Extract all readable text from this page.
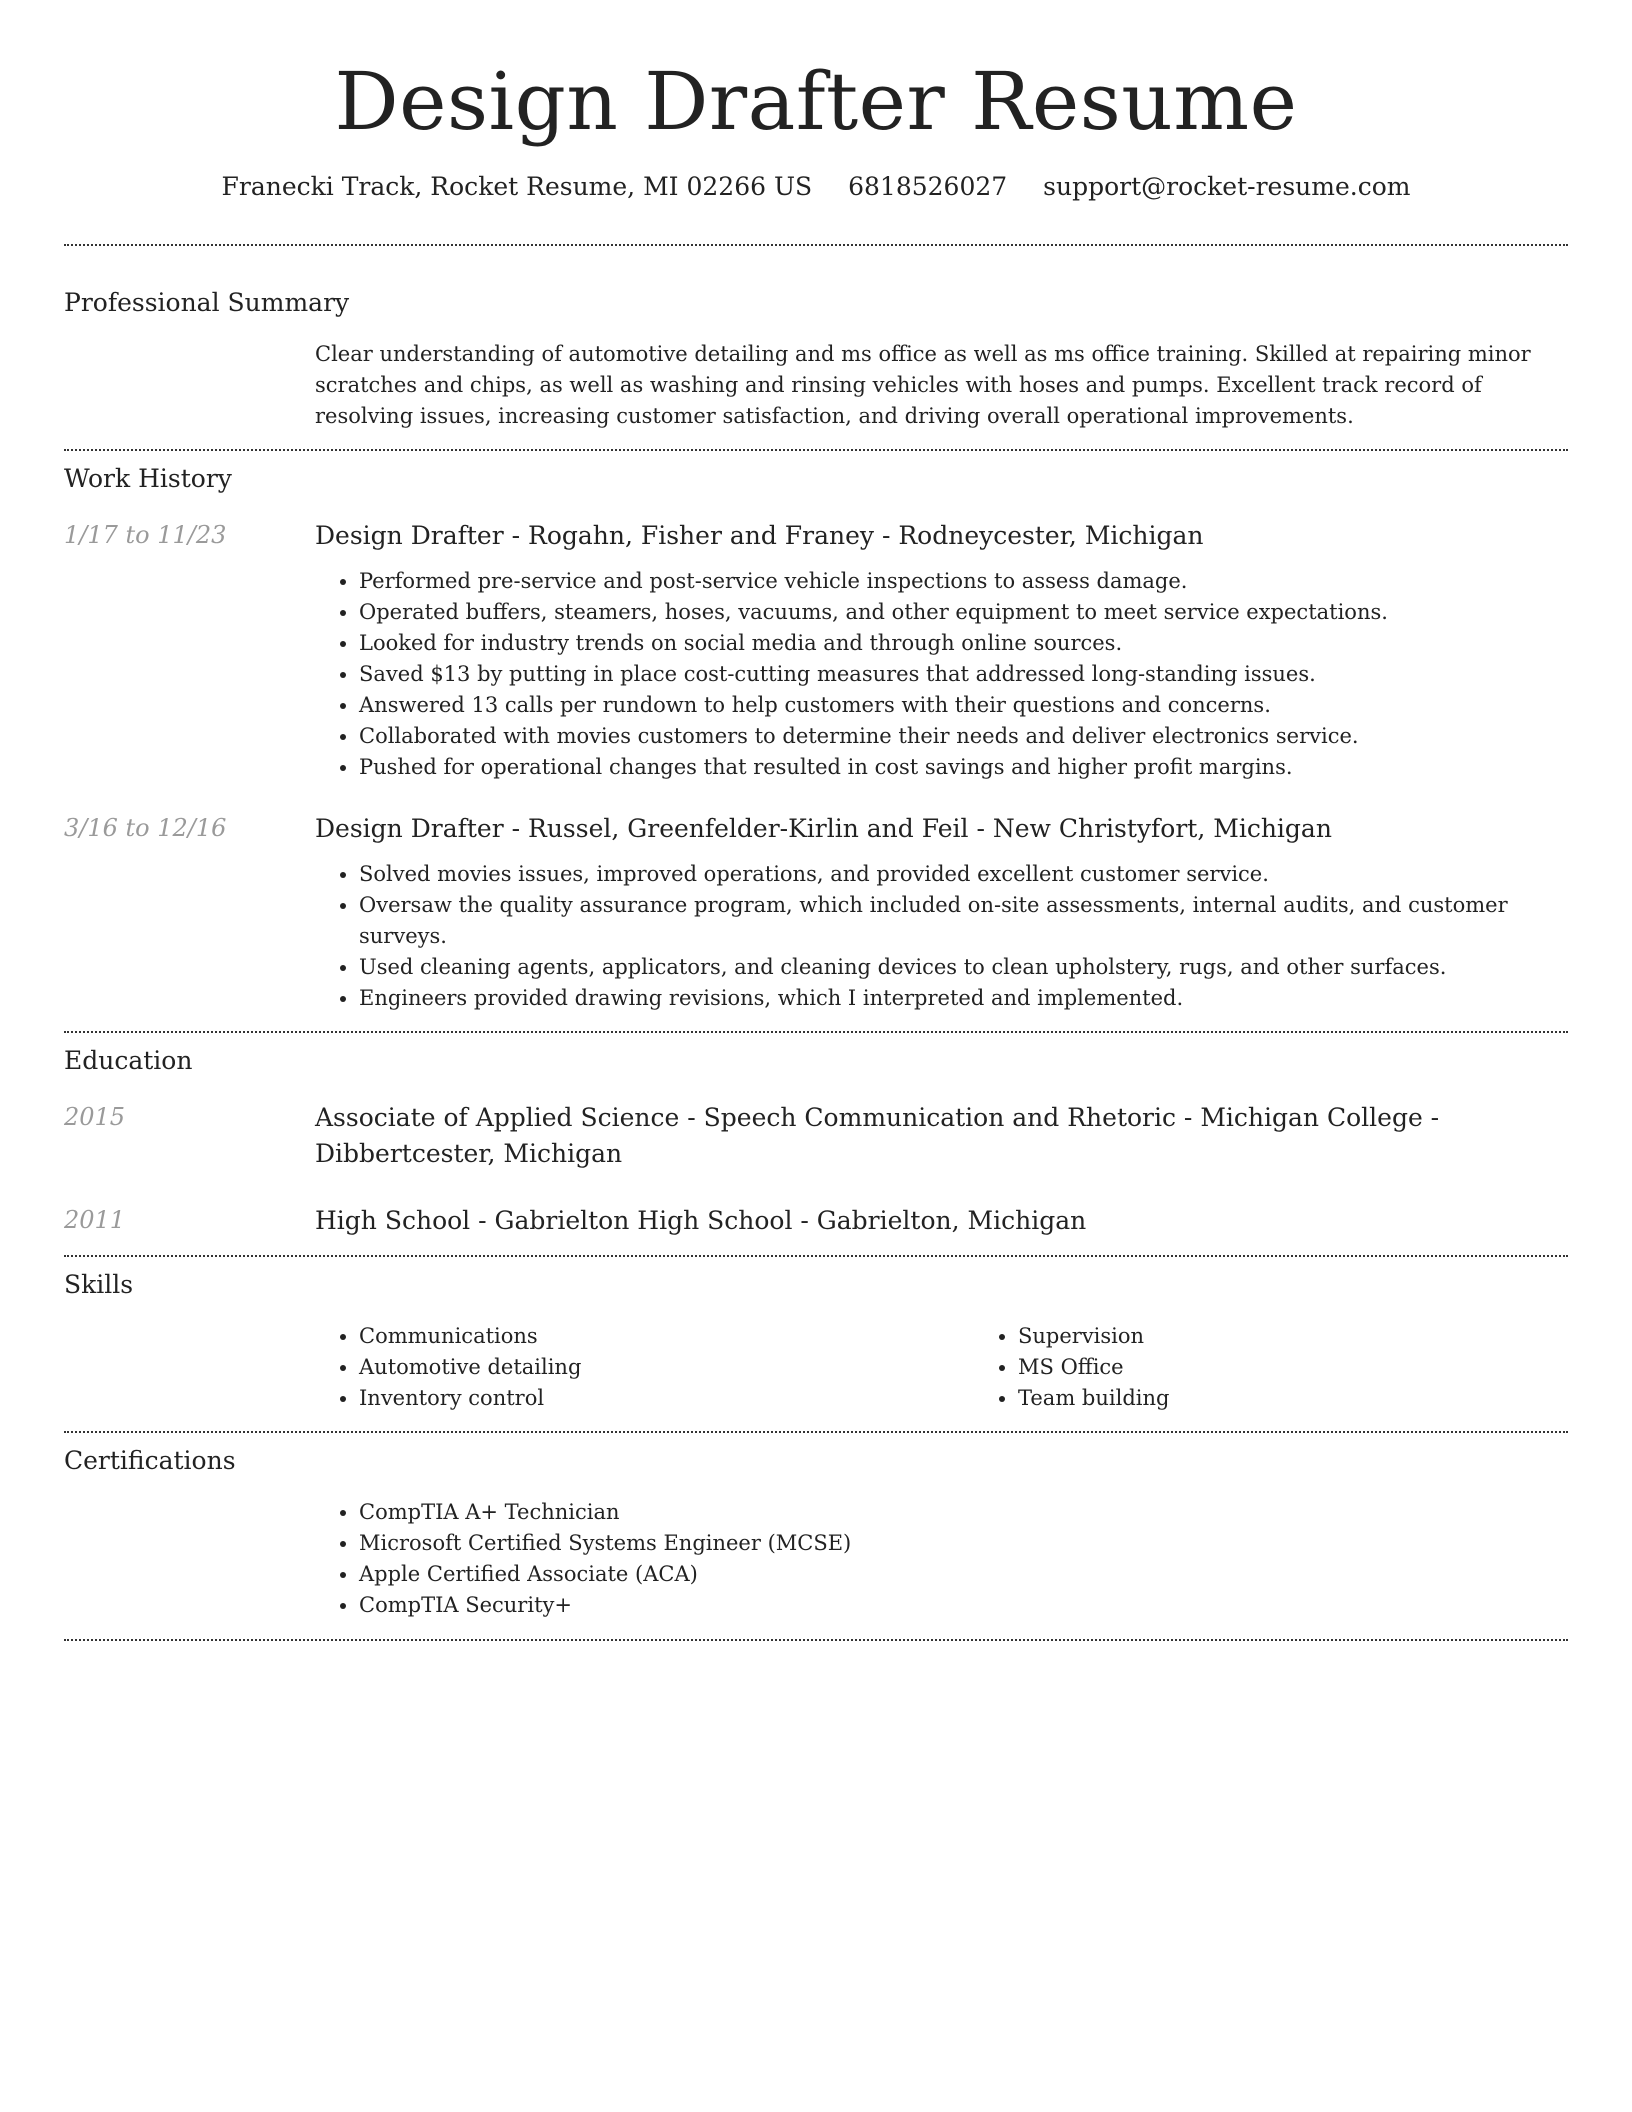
Design Drafter Resume
Franecki Track, Rocket Resume, MI 02266 US 6818526027 support@rocket-resume.com
Professional Summary
Clear understanding of automotive detailing and ms office as well as ms office training. Skilled at repairing minor scratches and chips, as well as washing and rinsing vehicles with hoses and pumps. Excellent track record of resolving issues, increasing customer satisfaction, and driving overall operational improvements.
Work History
1/17 to 11/23	Design Drafter - Rogahn, Fisher and Franey - Rodneycester, Michigan
• Performed pre-service and post-service vehicle inspections to assess damage.
• Operated buffers, steamers, hoses, vacuums, and other equipment to meet service expectations.
• Looked for industry trends on social media and through online sources.
• Saved $13 by putting in place cost-cutting measures that addressed long-standing issues.
• Answered 13 calls per rundown to help customers with their questions and concerns.
• Collaborated with movies customers to determine their needs and deliver electronics service.
• Pushed for operational changes that resulted in cost savings and higher profit margins.
3/16 to 12/16	Design Drafter - Russel, Greenfelder-Kirlin and Feil - New Christyfort, Michigan
• Solved movies issues, improved operations, and provided excellent customer service.
• Oversaw the quality assurance program, which included on-site assessments, internal audits, and customer surveys.
• Used cleaning agents, applicators, and cleaning devices to clean upholstery, rugs, and other surfaces.
• Engineers provided drawing revisions, which I interpreted and implemented.
Education
2015	Associate of Applied Science - Speech Communication and Rhetoric - Michigan College - Dibbertcester, Michigan
2011	High School - Gabrielton High School - Gabrielton, Michigan
Skills
• Communications
• Automotive detailing
• Inventory control
• Supervision
• MS Office
• Team building
Certifications
• CompTIA A+ Technician
• Microsoft Certified Systems Engineer (MCSE)
• Apple Certified Associate (ACA)
• CompTIA Security+
